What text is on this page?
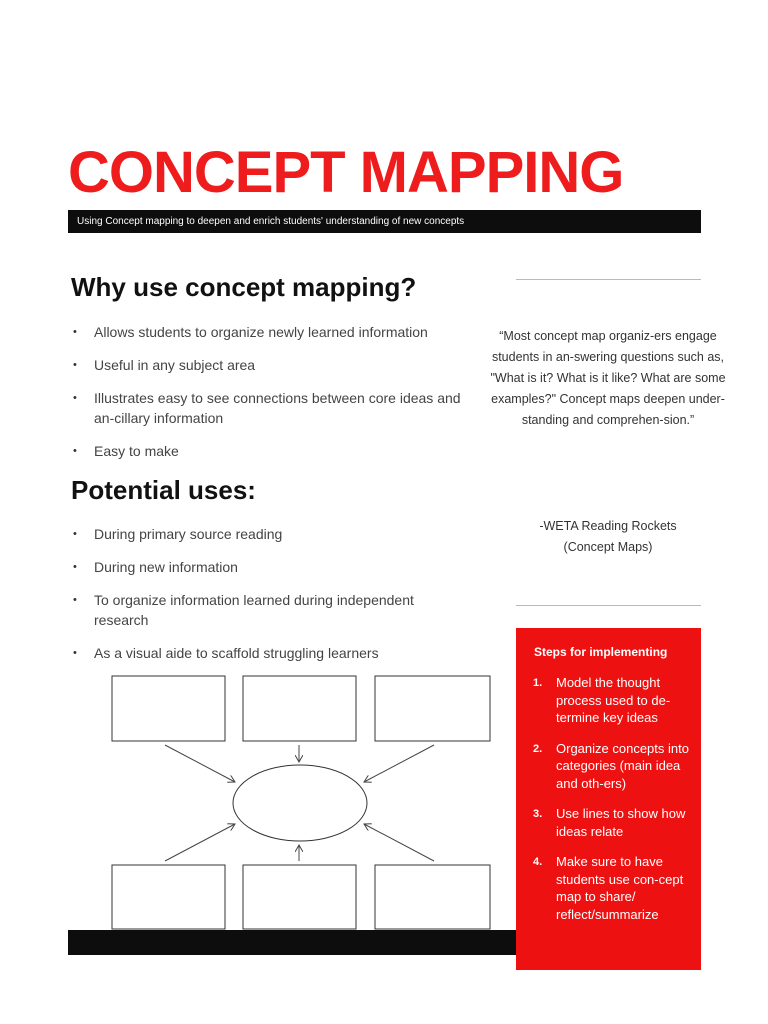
CONCEPT MAPPING
Using Concept mapping to deepen and enrich students' understanding of new concepts
Why use concept mapping?
• Allows students to organize newly learned information
• Useful in any subject area
• Illustrates easy to see connections between core ideas and an-cillary information
• Easy to make
Potential uses:
• During primary source reading
• During new information
• To organize information learned during independent research
• As a visual aide to scaffold struggling learners
“Most concept map organiz-ers engage students in an-swering questions such as, "What is it? What is it like? What are some examples?" Concept maps deepen under-standing and comprehen-sion.”
-WETA Reading Rockets
(Concept Maps)
Steps for implementing
1. Model the thought process used to de-termine key ideas
2. Organize concepts into categories (main idea and oth-ers)
3. Use lines to show how ideas relate
4. Make sure to have students use con-cept map to share/ reflect/summarize
